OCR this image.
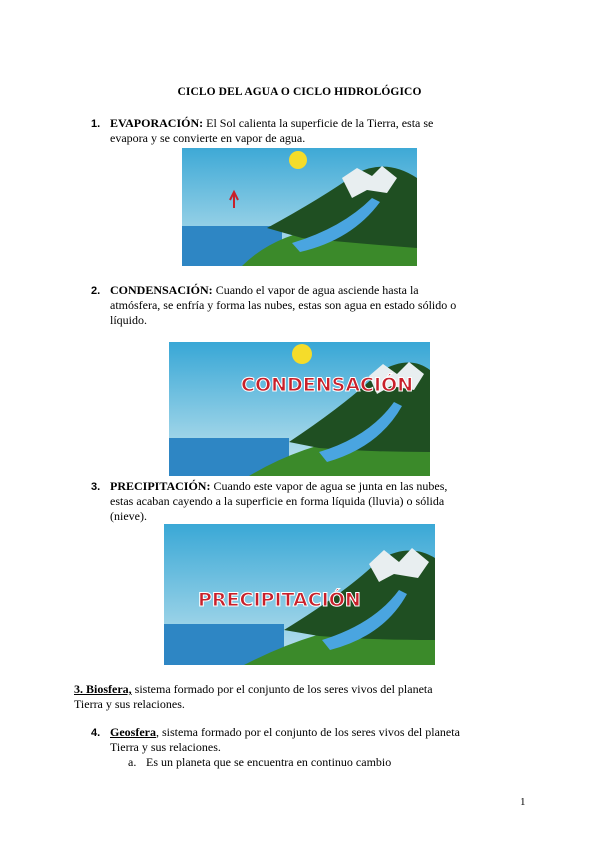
CICLO DEL AGUA O CICLO HIDROLÓGICO
1. EVAPORACIÓN: El Sol calienta la superficie de la Tierra, esta se
evapora y se convierte en vapor de agua.
2. CONDENSACIÓN: Cuando el vapor de agua asciende hasta la
atmósfera, se enfría y forma las nubes, estas son agua en estado sólido o
líquido.
CONDENSACIÓN
3. PRECIPITACIÓN: Cuando este vapor de agua se junta en las nubes,
estas acaban cayendo a la superficie en forma líquida (lluvia) o sólida
(nieve).
PRECIPITACIÓN
3. Biosfera, sistema formado por el conjunto de los seres vivos del planeta
Tierra y sus relaciones.
4. Geosfera, sistema formado por el conjunto de los seres vivos del planeta
Tierra y sus relaciones.
a. Es un planeta que se encuentra en continuo cambio
1
